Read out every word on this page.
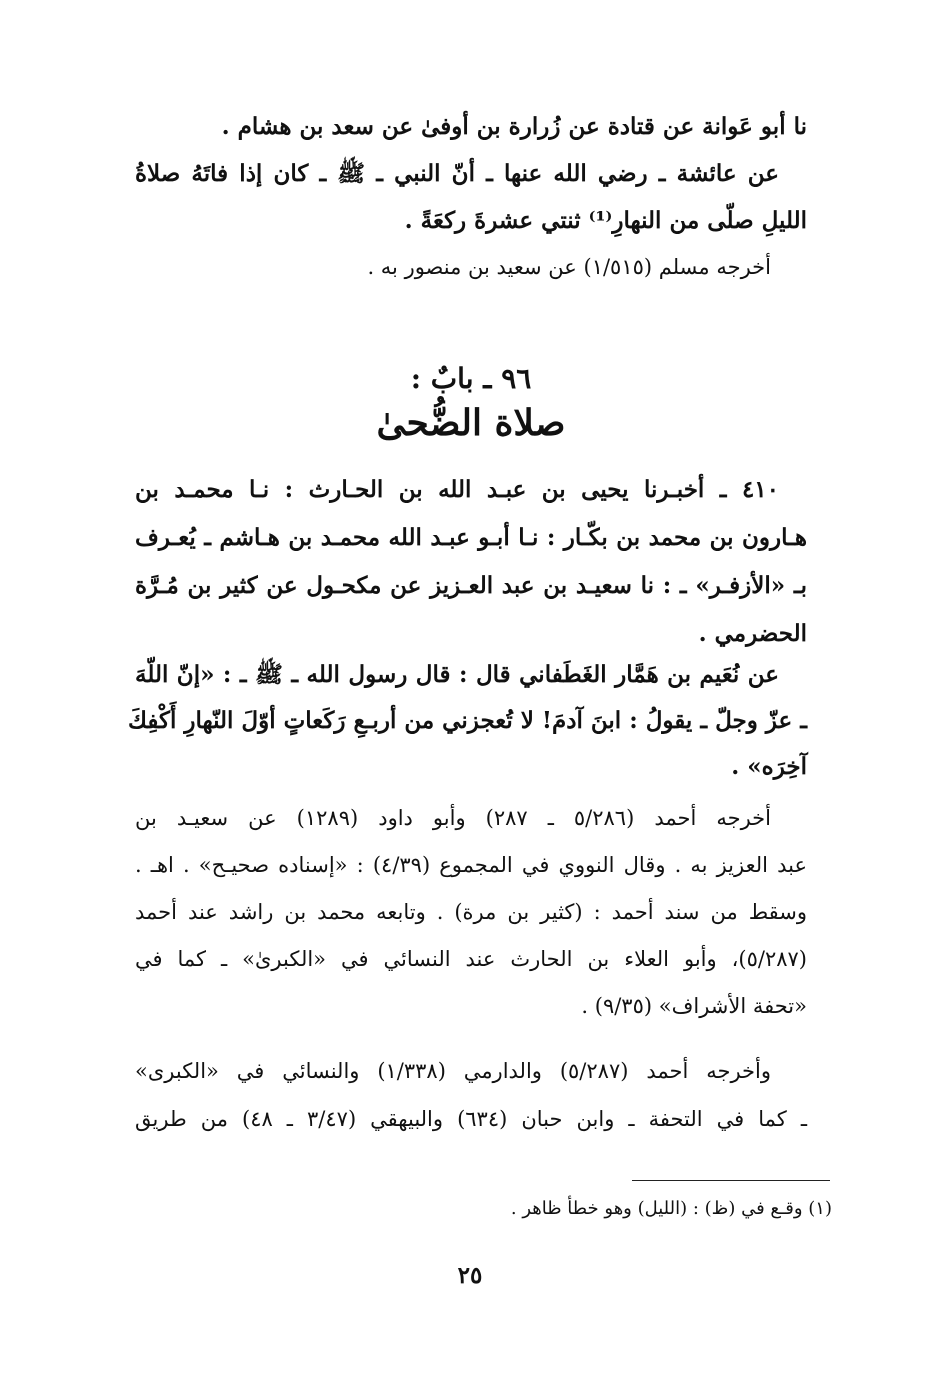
نا أبو عَوانة عن قتادة عن زُرارة بن أوفىٰ عن سعد بن هشام .
عن عائشة ـ رضي الله عنها ـ أنّ النبي ـ ﷺ ـ كان إذا فاتَهُ صلاةُ
الليلِ صلّى من النهارِ⁽¹⁾ ثنتي عشرةَ ركعَةً .
أخرجه مسلم (١/٥١٥) عن سعيد بن منصور به .
٩٦ ـ بابٌ :
صلاة الضُّحىٰ
٤١٠ ـ أخبـرنا يحيى بن عبـد الله بن الحـارث : نـا محمـد بن
هـارون بن محمد بن بكّـار : نـا أبـو عبـد الله محمـد بن هـاشم ـ يُعـرف
بـ «الأزفـر» ـ : نا سعيـد بن عبد العـزيز عن مكحـول عن كثير بن مُـرَّة
الحضرمي .
عن نُعَيم بن هَمَّار الغَطَفاني قال : قال رسول الله ـ ﷺ ـ : «إنّ اللّهَ
ـ عزّ وجلّ ـ يقولُ : ابنَ آدمَ! لا تُعجزني من أربـعِ رَكَعاتٍ أوّلَ النّهارِ أَكْفِكَ
آخِرَه» .
أخرجه أحمد (٥/٢٨٦ ـ ٢٨٧) وأبو داود (١٢٨٩) عن سعيـد بن
عبد العزيز به . وقال النووي في المجموع (٤/٣٩) : «إسناده صحيـح» . اهـ .
وسقط من سند أحمد : (كثير بن مرة) . وتابعه محمد بن راشد عند أحمد
(٥/٢٨٧)، وأبو العلاء بن الحارث عند النسائي في «الكبرىٰ» ـ كما في
«تحفة الأشراف» (٩/٣٥) .
وأخرجه أحمد (٥/٢٨٧) والدارمي (١/٣٣٨) والنسائي في «الكبرى»
ـ كما في التحفة ـ وابن حبان (٦٣٤) والبيهقي (٣/٤٧ ـ ٤٨) من طريق
(١) وقـع في (ظ) : (الليل) وهو خطأ ظاهر .
٢٥
